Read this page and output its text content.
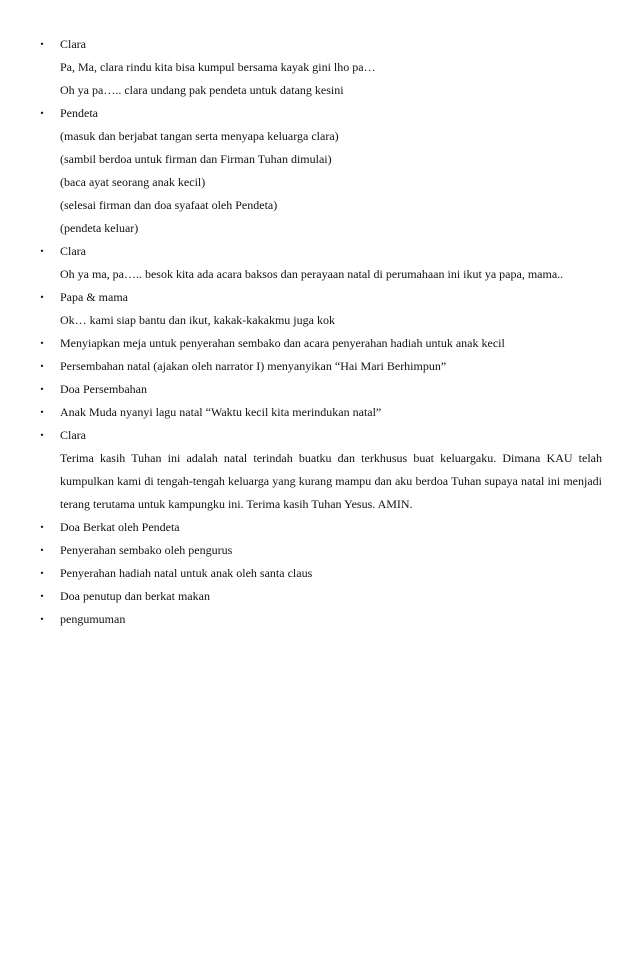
• Clara
Pa, Ma, clara rindu kita bisa kumpul bersama kayak gini lho pa…
Oh ya pa….. clara undang pak pendeta untuk datang kesini
• Pendeta
(masuk dan berjabat tangan serta menyapa keluarga clara)
(sambil berdoa untuk firman dan Firman Tuhan dimulai)
(baca ayat seorang anak kecil)
(selesai firman dan doa syafaat oleh Pendeta)
(pendeta keluar)
• Clara
Oh ya ma, pa….. besok kita ada acara baksos dan perayaan natal di perumahaan ini ikut ya papa, mama..
• Papa & mama
Ok… kami siap bantu dan ikut, kakak-kakakmu juga kok
• Menyiapkan meja untuk penyerahan sembako dan acara penyerahan hadiah untuk anak kecil
• Persembahan natal (ajakan oleh narrator I) menyanyikan “Hai Mari Berhimpun”
• Doa Persembahan
• Anak Muda nyanyi lagu natal “Waktu kecil kita merindukan natal”
• Clara
Terima kasih Tuhan ini adalah natal terindah buatku dan terkhusus buat keluargaku. Dimana KAU telah kumpulkan kami di tengah-tengah keluarga yang kurang mampu dan aku berdoa Tuhan supaya natal ini menjadi terang terutama untuk kampungku ini. Terima kasih Tuhan Yesus. AMIN.
• Doa Berkat oleh Pendeta
• Penyerahan sembako oleh pengurus
• Penyerahan hadiah natal untuk anak oleh santa claus
• Doa penutup dan berkat makan
• pengumuman
